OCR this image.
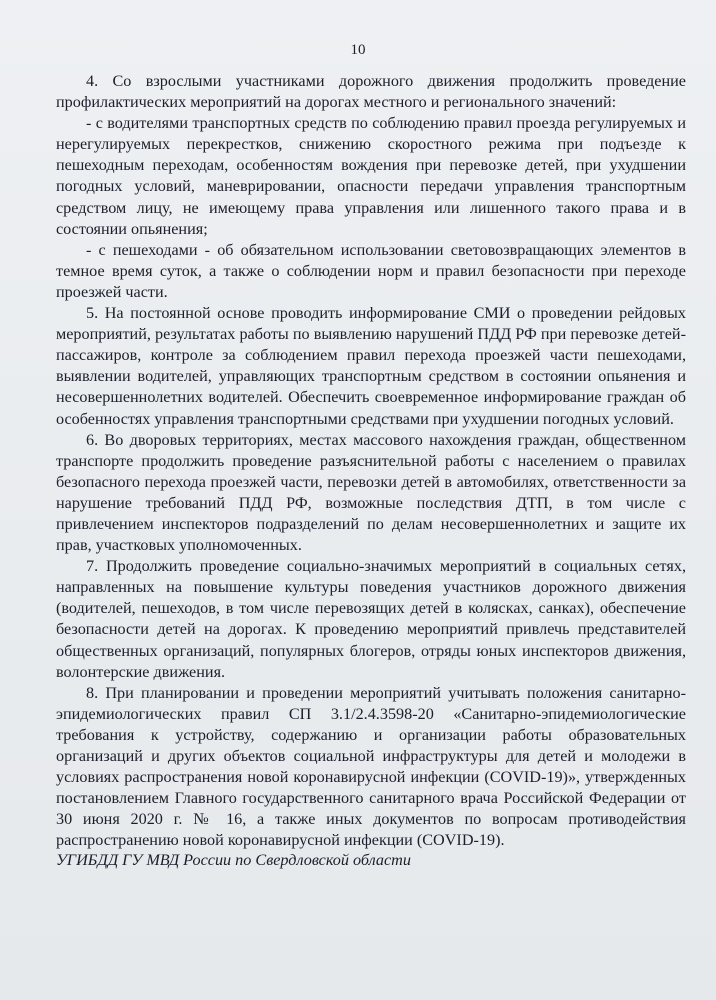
10

4. Со взрослыми участниками дорожного движения продолжить проведение профилактических мероприятий на дорогах местного и регионального значений:

- с водителями транспортных средств по соблюдению правил проезда регулируемых и нерегулируемых перекрестков, снижению скоростного режима при подъезде к пешеходным переходам, особенностям вождения при перевозке детей, при ухудшении погодных условий, маневрировании, опасности передачи управления транспортным средством лицу, не имеющему права управления или лишенного такого права и в состоянии опьянения;

- с пешеходами - об обязательном использовании световозвращающих элементов в темное время суток, а также о соблюдении норм и правил безопасности при переходе проезжей части.

5. На постоянной основе проводить информирование СМИ о проведении рейдовых мероприятий, результатах работы по выявлению нарушений ПДД РФ при перевозке детей-пассажиров, контроле за соблюдением правил перехода проезжей части пешеходами, выявлении водителей, управляющих транспортным средством в состоянии опьянения и несовершеннолетних водителей. Обеспечить своевременное информирование граждан об особенностях управления транспортными средствами при ухудшении погодных условий.

6. Во дворовых территориях, местах массового нахождения граждан, общественном транспорте продолжить проведение разъяснительной работы с населением о правилах безопасного перехода проезжей части, перевозки детей в автомобилях, ответственности за нарушение требований ПДД РФ, возможные последствия ДТП, в том числе с привлечением инспекторов подразделений по делам несовершеннолетних и защите их прав, участковых уполномоченных.

7. Продолжить проведение социально-значимых мероприятий в социальных сетях, направленных на повышение культуры поведения участников дорожного движения (водителей, пешеходов, в том числе перевозящих детей в колясках, санках), обеспечение безопасности детей на дорогах. К проведению мероприятий привлечь представителей общественных организаций, популярных блогеров, отряды юных инспекторов движения, волонтерские движения.

8. При планировании и проведении мероприятий учитывать положения санитарно-эпидемиологических правил СП 3.1/2.4.3598-20 «Санитарно-эпидемиологические требования к устройству, содержанию и организации работы образовательных организаций и других объектов социальной инфраструктуры для детей и молодежи в условиях распространения новой коронавирусной инфекции (COVID-19)», утвержденных постановлением Главного государственного санитарного врача Российской Федерации от 30 июня 2020 г. № 16, а также иных документов по вопросам противодействия распространению новой коронавирусной инфекции (COVID-19).

УГИБДД ГУ МВД России по Свердловской области
